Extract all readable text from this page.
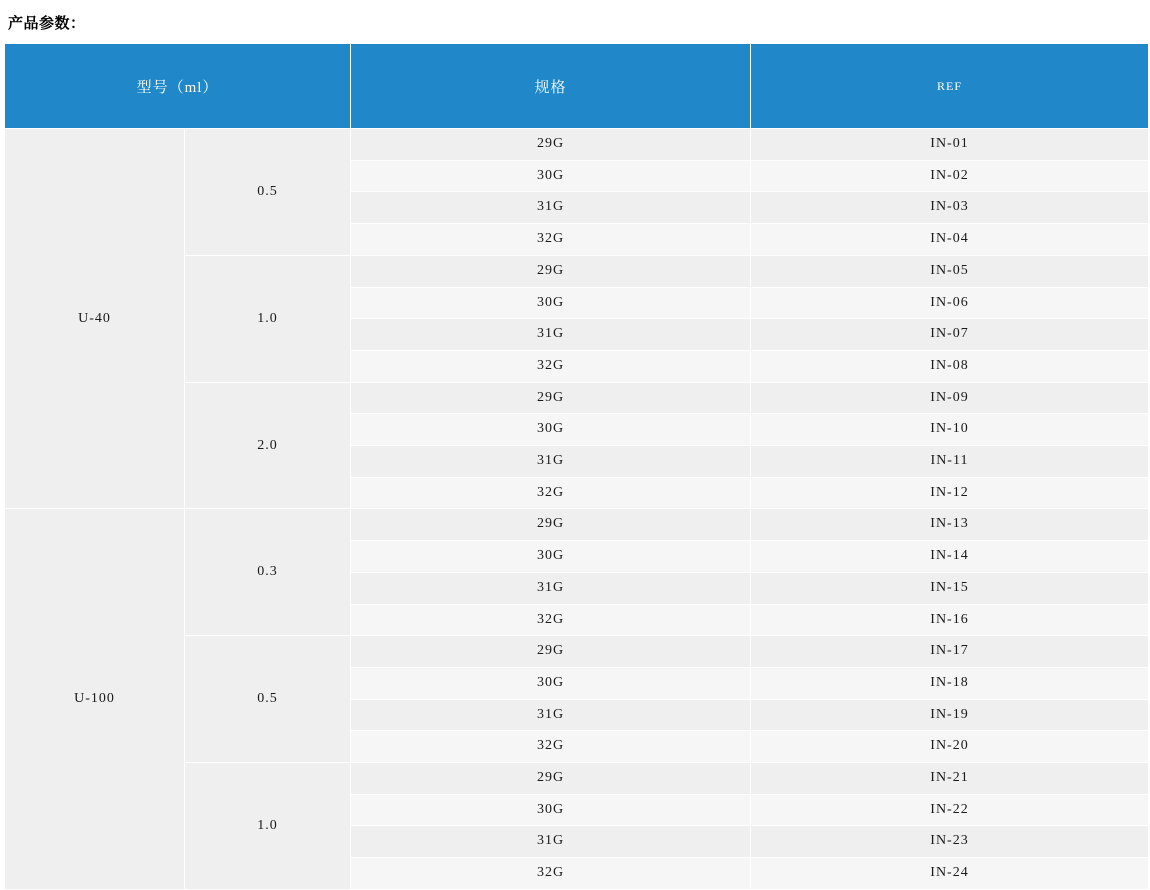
产品参数：
型号（ml）		规格	REF
U-40	0.5	29G	IN-01
		30G	IN-02
		31G	IN-03
		32G	IN-04
	1.0	29G	IN-05
		30G	IN-06
		31G	IN-07
		32G	IN-08
	2.0	29G	IN-09
		30G	IN-10
		31G	IN-11
		32G	IN-12
U-100	0.3	29G	IN-13
		30G	IN-14
		31G	IN-15
		32G	IN-16
	0.5	29G	IN-17
		30G	IN-18
		31G	IN-19
		32G	IN-20
	1.0	29G	IN-21
		30G	IN-22
		31G	IN-23
		32G	IN-24
